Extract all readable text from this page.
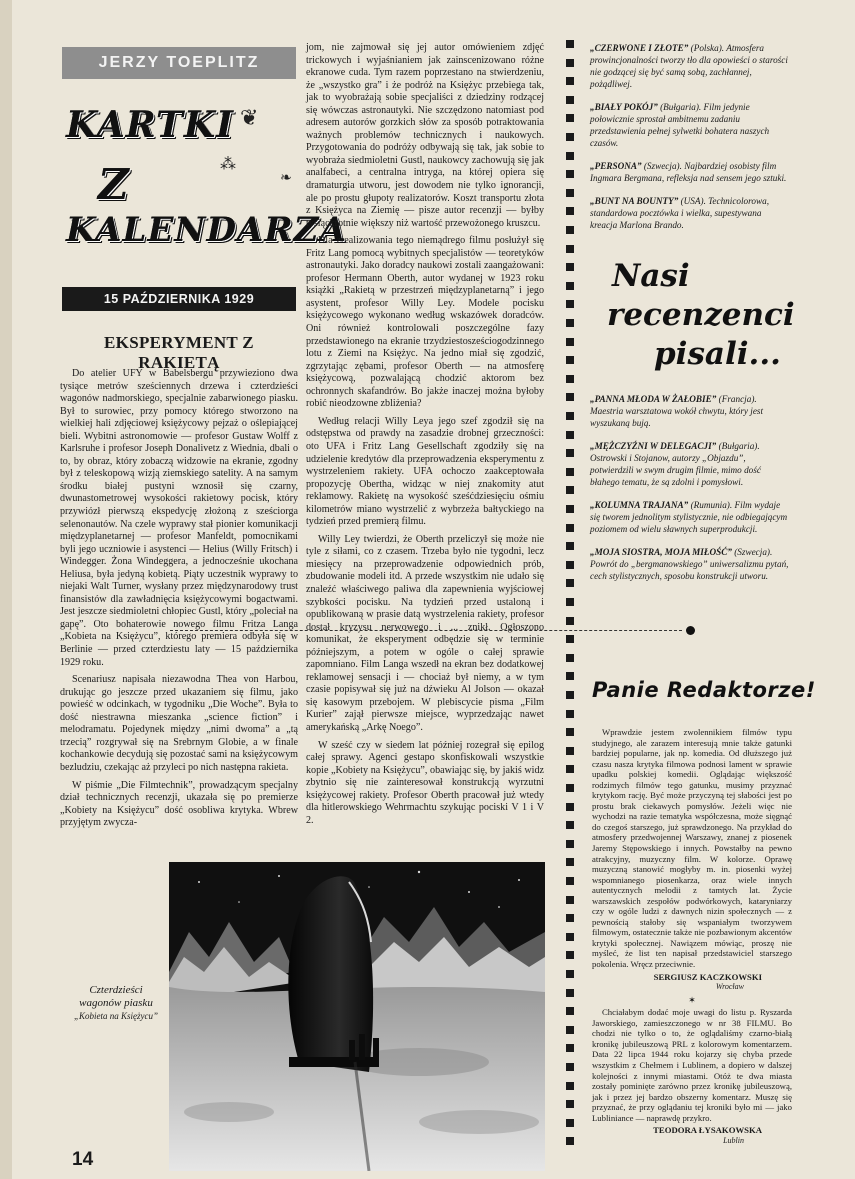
JERZY TOEPLITZ
KARTKI
Z
KALENDARZA
❦
⁂
❧
15 PAŹDZIERNIKA 1929
EKSPERYMENT Z RAKIETĄ

Do atelier UFY w Babelsbergu przywieziono dwa tysiące metrów sześciennych drzewa i czterdzieści wagonów nadmorskiego, specjalnie zabarwionego piasku. Był to surowiec, przy pomocy którego stworzono na wielkiej hali zdjęciowej księżycowy pejzaż o oślepiającej bieli. Wybitni astronomowie — profesor Gustaw Wolff z Karlsruhe i profesor Joseph Donalivetz z Wiednia, dbali o to, by obraz, który zobaczą widzowie na ekranie, zgodny był z teleskopową wizją ziemskiego satelity. A na samym środku białej pustyni wznosił się czarny, dwunastometrowej wysokości rakietowy pocisk, który przywiózł pierwszą ekspedycję złożoną z sześciorga selenonautów. Na czele wyprawy stał pionier komunikacji międzyplanetarnej — profesor Manfeldt, pomocnikami byli jego uczniowie i asystenci — Helius (Willy Fritsch) i Windegger. Żona Windeggera, a jednocześnie ukochana Heliusa, była jedyną kobietą. Piąty uczestnik wyprawy to niejaki Walt Turner, wysłany przez międzynarodowy trust finansistów dla zawładnięcia księżycowymi bogactwami. Jest jeszcze siedmioletni chłopiec Gustl, który „poleciał na gapę”. Oto bohaterowie nowego filmu Fritza Langa „Kobieta na Księżycu”, którego premiera odbyła się w Berlinie — przed czterdziestu laty — 15 października 1929 roku.

Scenariusz napisała niezawodna Thea von Harbou, drukując go jeszcze przed ukazaniem się filmu, jako powieść w odcinkach, w tygodniku „Die Woche”. Była to dość niestrawna mieszanka „science fiction” i melodramatu. Pojedynek między „nimi dwoma” a „tą trzecią” rozgrywał się na Srebrnym Globie, a w finale kochankowie decydują się pozostać sami na księżycowym bezludziu, czekając aż przyleci po nich następna rakieta.

W piśmie „Die Filmtechnik”, prowadzącym specjalny dział technicznych recenzji, ukazała się po premierze „Kobiety na Księżycu” dość osobliwa krytyka. Wbrew przyjętym zwycza-

jom, nie zajmował się jej autor omówieniem zdjęć trickowych i wyjaśnianiem jak zainscenizowano różne ekranowe cuda. Tym razem poprzestano na stwierdzeniu, że „wszystko gra” i że podróż na Księżyc przebiega tak, jak to wyobrażają sobie specjaliści z dziedziny rodzącej się wówczas astronautyki. Nie szczędzono natomiast pod adresem autorów gorzkich słów za sposób potraktowania ważnych problemów technicznych i naukowych. Przygotowania do podróży odbywają się tak, jak sobie to wyobraża siedmioletni Gustl, naukowcy zachowują się jak analfabeci, a centralna intryga, na której opiera się dramaturgia utworu, jest dowodem nie tylko ignorancji, ale po prostu głupoty realizatorów. Koszt transportu złota z Księżyca na Ziemię — pisze autor recenzji — byłby tysiąckrotnie większy niż wartość przewożonego kruszcu.

Dla zrealizowania tego niemądrego filmu posłużył się Fritz Lang pomocą wybitnych specjalistów — teoretyków astronautyki. Jako doradcy naukowi zostali zaangażowani: profesor Hermann Oberth, autor wydanej w 1923 roku książki „Rakietą w przestrzeń międzyplanetarną” i jego asystent, profesor Willy Ley. Modele pocisku księżycowego wykonano według wskazówek doradców. Oni również kontrolowali poszczególne fazy przedstawionego na ekranie trzydziestosześciogodzinnego lotu z Ziemi na Księżyc. Na jedno miał się zgodzić, zgrzytając zębami, profesor Oberth — na atmosferę księżycową, pozwalającą chodzić aktorom bez ochronnych skafandrów. Bo jakże inaczej można byłoby robić nieodzowne zbliżenia?

Według relacji Willy Leya jego szef zgodził się na odstępstwa od prawdy na zasadzie drobnej grzeczności: oto UFA i Fritz Lang Gesellschaft zgodziły się na udzielenie kredytów dla przeprowadzenia eksperymentu z wystrzeleniem rakiety. UFA ochoczo zaakceptowała propozycję Obertha, widząc w niej znakomity atut reklamowy. Rakietę na wysokość sześćdziesięciu ośmiu kilometrów miano wystrzelić z wybrzeża bałtyckiego na tydzień przed premierą filmu.

Willy Ley twierdzi, że Oberth przeliczył się może nie tyle z siłami, co z czasem. Trzeba było nie tygodni, lecz miesięcy na przeprowadzenie odpowiednich prób, zbudowanie modeli itd. A przede wszystkim nie udało się znaleźć właściwego paliwa dla zapewnienia wyjściowej szybkości pocisku. Na tydzień przed ustaloną i opublikowaną w prasie datą wystrzelenia rakiety, profesor dostał kryzysu nerwowego i ... znikł. Ogłoszono komunikat, że eksperyment odbędzie się w terminie późniejszym, a potem w ogóle o całej sprawie zapomniano. Film Langa wszedł na ekran bez dodatkowej reklamowej sensacji i — chociaż był niemy, a w tym czasie popisywał się już na dźwieku Al Jolson — okazał się kasowym przebojem. W plebiscycie pisma „Film Kurier” zajął pierwsze miejsce, wyprzedzając nawet amerykańską „Arkę Noego”.

W sześć czy w siedem lat później rozegrał się epilog całej sprawy. Agenci gestapo skonfiskowali wszystkie kopie „Kobiety na Księżycu”, obawiając się, by jakiś widz zbytnio się nie zainteresował konstrukcją wyrzutni księżycowej rakiety. Profesor Oberth pracował już wtedy dla hitlerowskiego Wehrmachtu szykując pociski V 1 i V 2.

Czterdzieści wagonów piasku
„Kobieta na Księżycu”
14

„CZERWONE I ZŁOTE” (Polska). Atmosfera prowincjonalności tworzy tło dla opowieści o starości nie godzącej się być samą sobą, zachłannej, pożądliwej.

„BIAŁY POKÓJ” (Bułgaria). Film jedynie połowicznie sprostał ambitnemu zadaniu przedstawienia pełnej sylwetki bohatera naszych czasów.

„PERSONA” (Szwecja). Najbardziej osobisty film Ingmara Bergmana, refleksja nad sensem jego sztuki.

„BUNT NA BOUNTY” (USA). Technicolorowa, standardowa pocztówka i wielka, supestywana kreacja Marlona Brando.

Nasi
recenzenci
pisali...

„PANNA MŁODA W ŻAŁOBIE” (Francja). Maestria warsztatowa wokół chwytu, który jest wyszukaną bują.

„MĘŻCZYŹNI W DELEGACJI” (Bułgaria). Ostrowski i Stojanow, autorzy „Objazdu”, potwierdzili w swym drugim filmie, mimo dość błahego tematu, że są zdolni i pomysłowi.

„KOLUMNA TRAJANA” (Rumunia). Film wydaje się tworem jednolitym stylistycznie, nie odbiegającym poziomem od wielu sławnych superprodukcji.

„MOJA SIOSTRA, MOJA MIŁOŚĆ” (Szwecja). Powrót do „bergmanowskiego” uniwersalizmu pytań, cech stylistycznych, sposobu konstrukcji utworu.

Panie Redaktorze!

Wprawdzie jestem zwolennikiem filmów typu studyjnego, ale zarazem interesują mnie także gatunki bardziej popularne, jak np. komedia. Od dłuższego już czasu nasza krytyka filmowa podnosi lament w sprawie upadku polskiej komedii. Oglądając większość rodzimych filmów tego gatunku, musimy przyznać krytykom rację. Być może przyczyną tej słabości jest po prostu brak ciekawych pomysłów. Jeżeli więc nie wychodzi na razie tematyka współczesna, może sięgnąć do czegoś starszego, już sprawdzonego. Na przykład do atmosfery przedwojennej Warszawy, znanej z piosenek Jaremy Stępowskiego i innych. Powstałby na pewno atrakcyjny, muzyczny film. W kolorze. Oprawę muzyczną stanowić mogłyby m. in. piosenki wyżej wspomnianego piosenkarza, oraz wiele innych autentycznych melodii z tamtych lat. Życie warszawskich zespołów podwórkowych, kataryniarzy czy w ogóle ludzi z dawnych nizin społecznych — z pewnością stałoby się wspaniałym tworzywem filmowym, ostatecznie także nie pozbawionym akcentów krytyki społecznej. Nawiązem mówiąc, proszę nie myśleć, że list ten napisał przedstawiciel starszego pokolenia. Wręcz przeciwnie.

SERGIUSZ KACZKOWSKI

Wrocław

✶

Chciałabym dodać moje uwagi do listu p. Ryszarda Jaworskiego, zamieszczonego w nr 38 FILMU. Bo chodzi nie tylko o to, że oglądaliśmy czarno-białą kronikę jubileuszową PRL z kolorowym komentarzem. Data 22 lipca 1944 roku kojarzy się chyba przede wszystkim z Chełmem i Lublinem, a dopiero w dalszej kolejności z innymi miastami. Otóż te dwa miasta zostały pominięte zarówno przez kronikę jubileuszową, jak i przez jej bardzo obszerny komentarz. Muszę się przyznać, że przy oglądaniu tej kroniki było mi — jako Lubliniance — naprawdę przykro.

TEODORA ŁYSAKOWSKA

Lublin
